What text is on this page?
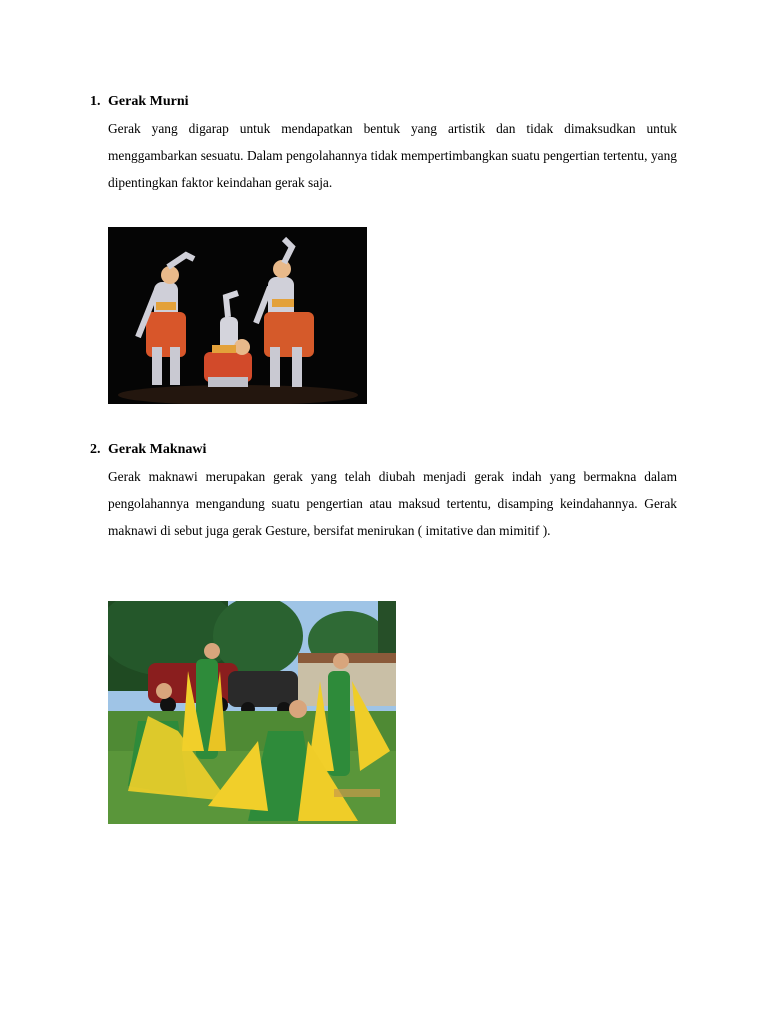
1. Gerak Murni
Gerak yang digarap untuk mendapatkan bentuk yang artistik dan tidak dimaksudkan untuk menggambarkan sesuatu. Dalam pengolahannya tidak mempertimbangkan suatu pengertian tertentu, yang dipentingkan faktor keindahan gerak saja.
2. Gerak Maknawi
Gerak maknawi merupakan gerak yang telah diubah menjadi gerak indah yang bermakna dalam pengolahannya mengandung suatu pengertian atau maksud tertentu, disamping keindahannya. Gerak maknawi di sebut juga gerak Gesture, bersifat menirukan ( imitative dan mimitif ).
